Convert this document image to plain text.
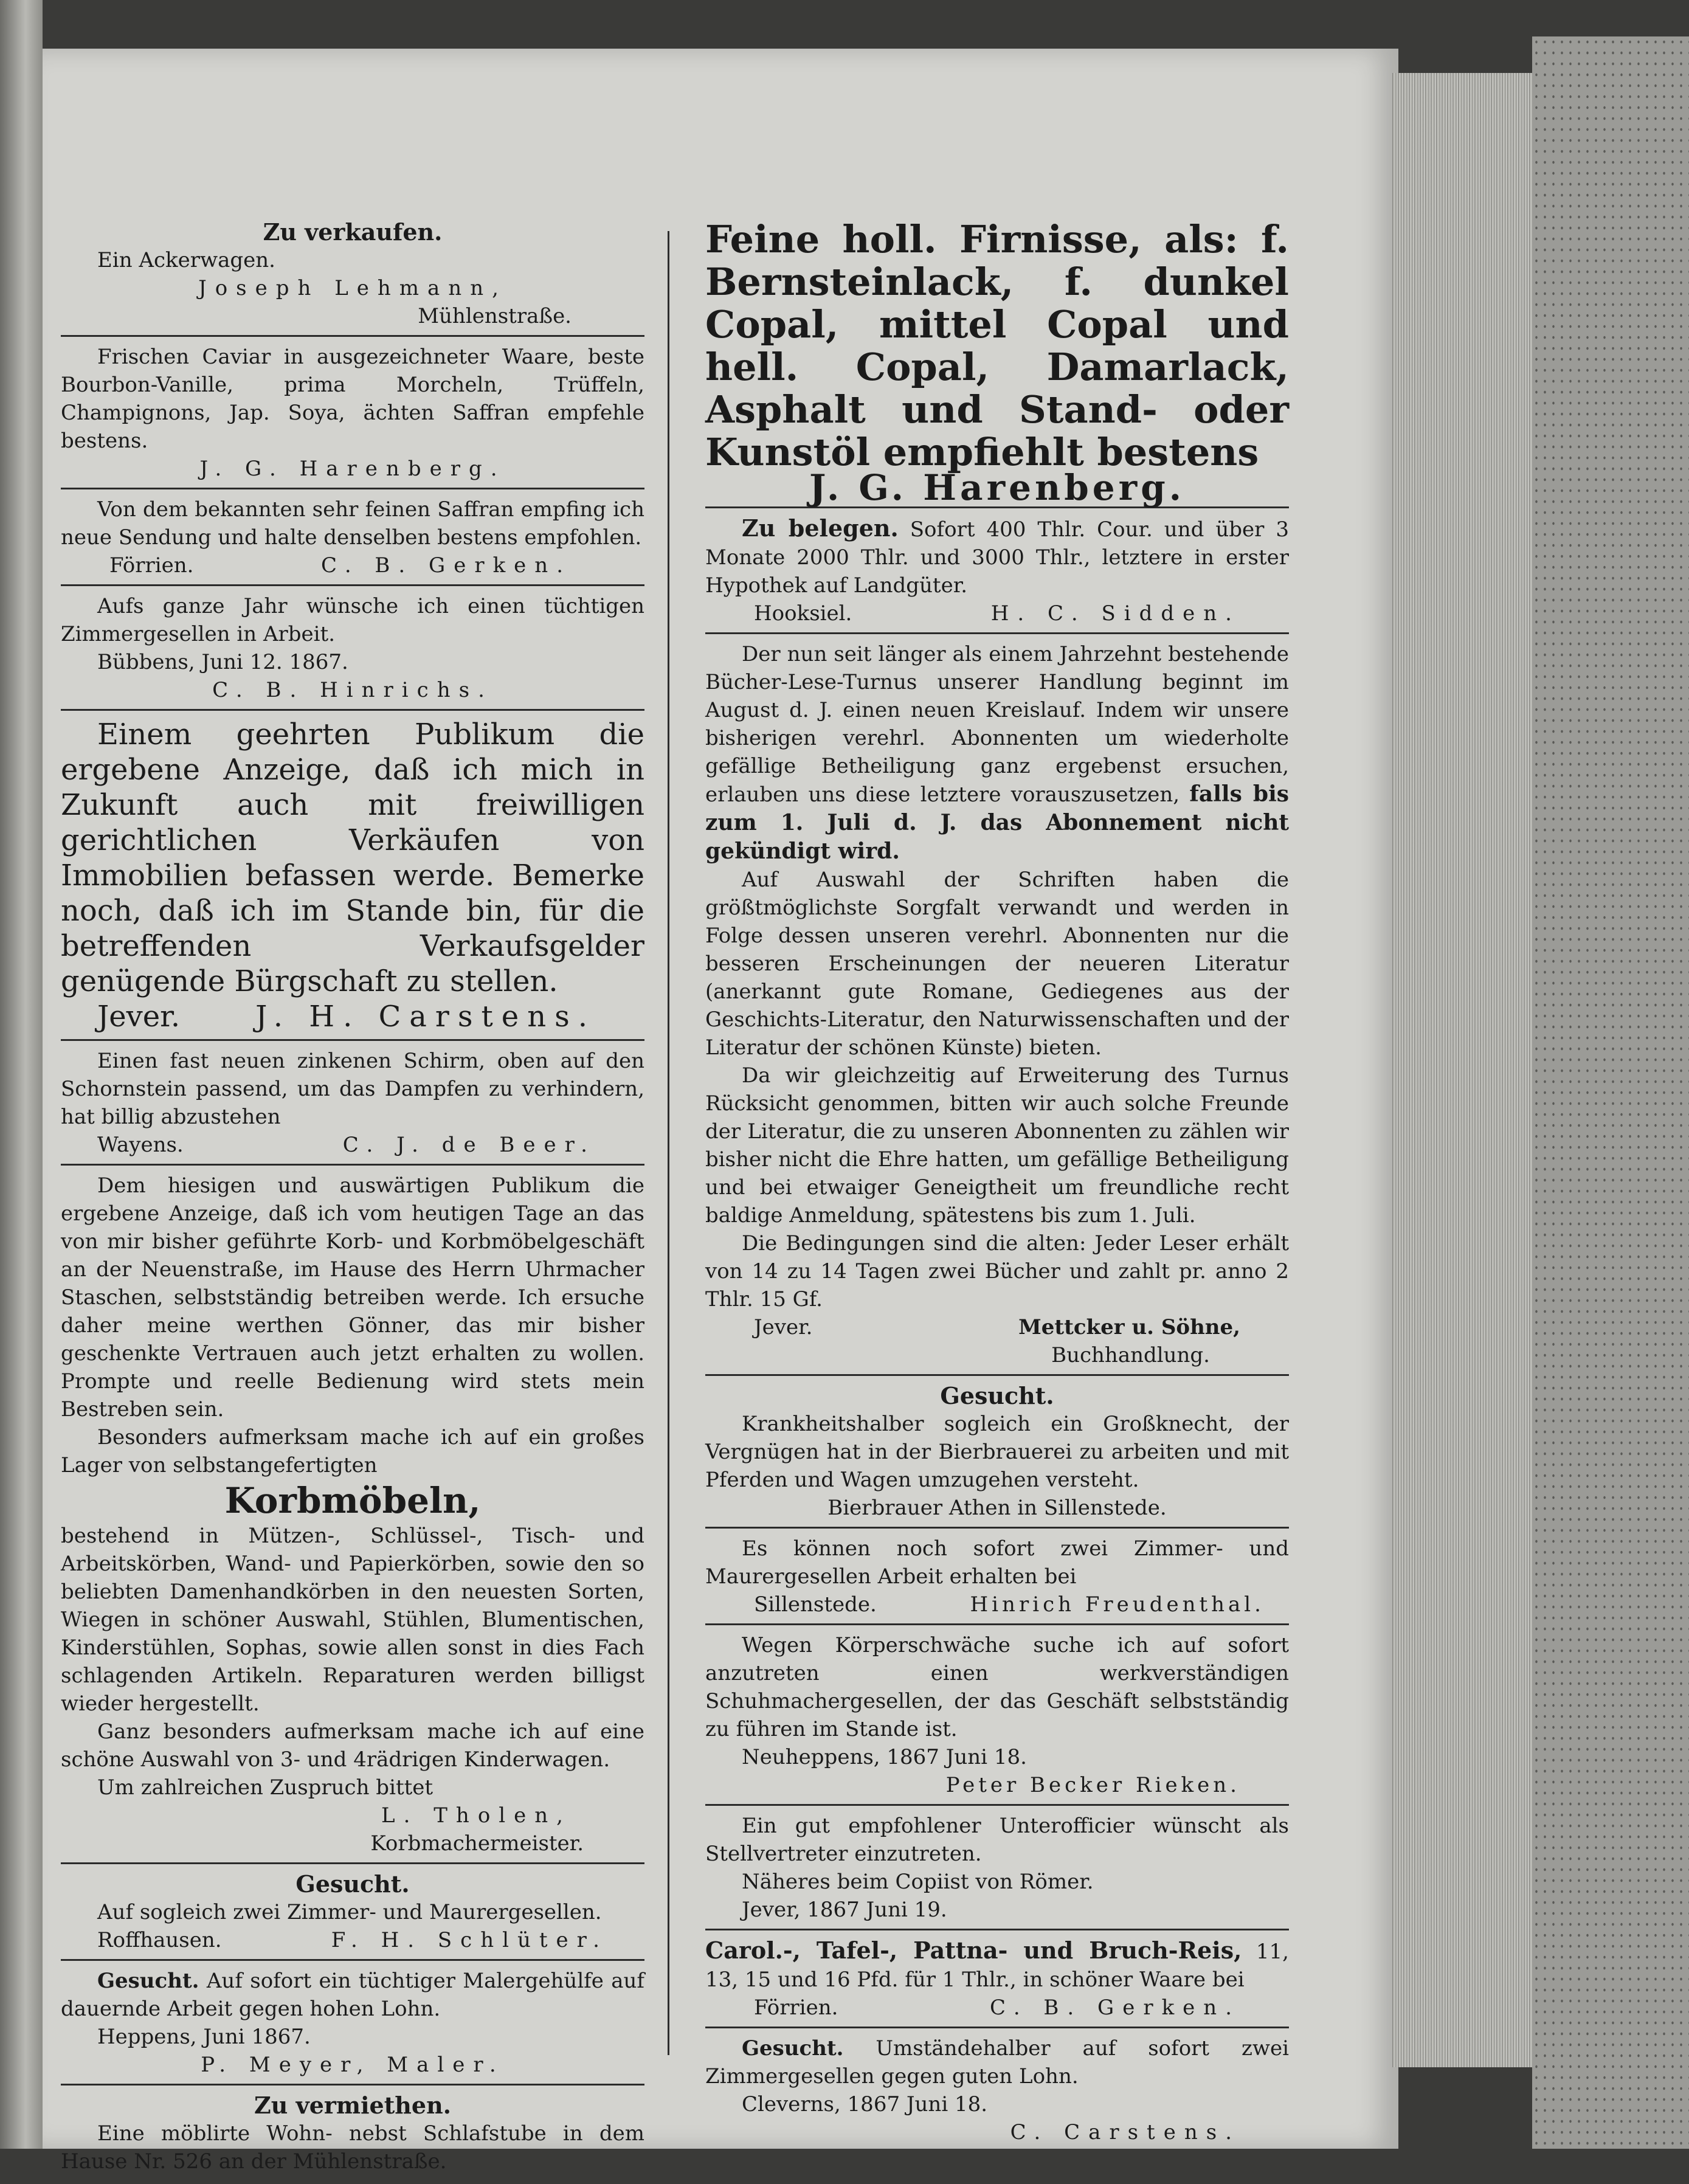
Zu verkaufen.
Ein Ackerwagen.
Joseph Lehmann,
Mühlenstraße.
Frischen Caviar in ausgezeichneter Waare, beste Bourbon-Vanille, prima Morcheln, Trüffeln, Champignons, Jap. Soya, ächten Saffran empfehle bestens.
J. G. Harenberg.
Von dem bekannten sehr feinen Saffran empfing ich neue Sendung und halte denselben bestens empfohlen.
Förrien.	C. B. Gerken.
Aufs ganze Jahr wünsche ich einen tüchtigen Zimmergesellen in Arbeit.
Bübbens, Juni 12. 1867.
C. B. Hinrichs.
Einem geehrten Publikum die ergebene Anzeige, daß ich mich in Zukunft auch mit freiwilligen gerichtlichen Verkäufen von Immobilien befassen werde. Bemerke noch, daß ich im Stande bin, für die betreffenden Verkaufsgelder genügende Bürgschaft zu stellen.
Jever.	J. H. Carstens.
Einen fast neuen zinkenen Schirm, oben auf den Schornstein passend, um das Dampfen zu verhindern, hat billig abzustehen
Wayens.	C. J. de Beer.
Dem hiesigen und auswärtigen Publikum die ergebene Anzeige, daß ich vom heutigen Tage an das von mir bisher geführte Korb- und Korbmöbelgeschäft an der Neuenstraße, im Hause des Herrn Uhrmacher Staschen, selbstständig betreiben werde. Ich ersuche daher meine werthen Gönner, das mir bisher geschenkte Vertrauen auch jetzt erhalten zu wollen. Prompte und reelle Bedienung wird stets mein Bestreben sein.
Besonders aufmerksam mache ich auf ein großes Lager von selbstangefertigten
Korbmöbeln,
bestehend in Mützen-, Schlüssel-, Tisch- und Arbeitskörben, Wand- und Papierkörben, sowie den so beliebten Damenhandkörben in den neuesten Sorten, Wiegen in schöner Auswahl, Stühlen, Blumentischen, Kinderstühlen, Sophas, sowie allen sonst in dies Fach schlagenden Artikeln. Reparaturen werden billigst wieder hergestellt.
Ganz besonders aufmerksam mache ich auf eine schöne Auswahl von 3- und 4rädrigen Kinderwagen.
Um zahlreichen Zuspruch bittet
L. Tholen,
Korbmachermeister.
Gesucht.
Auf sogleich zwei Zimmer- und Maurergesellen.
Roffhausen.	F. H. Schlüter.
Gesucht. Auf sofort ein tüchtiger Malergehülfe auf dauernde Arbeit gegen hohen Lohn.
Heppens, Juni 1867.
P. Meyer, Maler.
Zu vermiethen.
Eine möblirte Wohn- nebst Schlafstube in dem Hause Nr. 526 an der Mühlenstraße.
Feine holl. Firnisse, als: f. Bernsteinlack, f. dunkel Copal, mittel Copal und hell. Copal, Damarlack, Asphalt und Stand- oder Kunstöl empfiehlt bestens
J. G. Harenberg.
Zu belegen. Sofort 400 Thlr. Cour. und über 3 Monate 2000 Thlr. und 3000 Thlr., letztere in erster Hypothek auf Landgüter.
Hooksiel.	H. C. Sidden.
Der nun seit länger als einem Jahrzehnt bestehende Bücher-Lese-Turnus unserer Handlung beginnt im August d. J. einen neuen Kreislauf. Indem wir unsere bisherigen verehrl. Abonnenten um wiederholte gefällige Betheiligung ganz ergebenst ersuchen, erlauben uns diese letztere vorauszusetzen, falls bis zum 1. Juli d. J. das Abonnement nicht gekündigt wird.
Auf Auswahl der Schriften haben die größtmöglichste Sorgfalt verwandt und werden in Folge dessen unseren verehrl. Abonnenten nur die besseren Erscheinungen der neueren Literatur (anerkannt gute Romane, Gediegenes aus der Geschichts-Literatur, den Naturwissenschaften und der Literatur der schönen Künste) bieten.
Da wir gleichzeitig auf Erweiterung des Turnus Rücksicht genommen, bitten wir auch solche Freunde der Literatur, die zu unseren Abonnenten zu zählen wir bisher nicht die Ehre hatten, um gefällige Betheiligung und bei etwaiger Geneigtheit um freundliche recht baldige Anmeldung, spätestens bis zum 1. Juli.
Die Bedingungen sind die alten: Jeder Leser erhält von 14 zu 14 Tagen zwei Bücher und zahlt pr. anno 2 Thlr. 15 Gf.
Jever.	Mettcker u. Söhne,
Buchhandlung.
Gesucht.
Krankheitshalber sogleich ein Großknecht, der Vergnügen hat in der Bierbrauerei zu arbeiten und mit Pferden und Wagen umzugehen versteht.
Bierbrauer Athen in Sillenstede.
Es können noch sofort zwei Zimmer- und Maurergesellen Arbeit erhalten bei
Sillenstede.	Hinrich Freudenthal.
Wegen Körperschwäche suche ich auf sofort anzutreten einen werkverständigen Schuhmachergesellen, der das Geschäft selbstständig zu führen im Stande ist.
Neuheppens, 1867 Juni 18.
Peter Becker Rieken.
Ein gut empfohlener Unterofficier wünscht als Stellvertreter einzutreten.
Näheres beim Copiist von Römer.
Jever, 1867 Juni 19.
Carol.-, Tafel-, Pattna- und Bruch-Reis, 11, 13, 15 und 16 Pfd. für 1 Thlr., in schöner Waare bei
Förrien.	C. B. Gerken.
Gesucht. Umständehalber auf sofort zwei Zimmergesellen gegen guten Lohn.
Cleverns, 1867 Juni 18.
C. Carstens.
